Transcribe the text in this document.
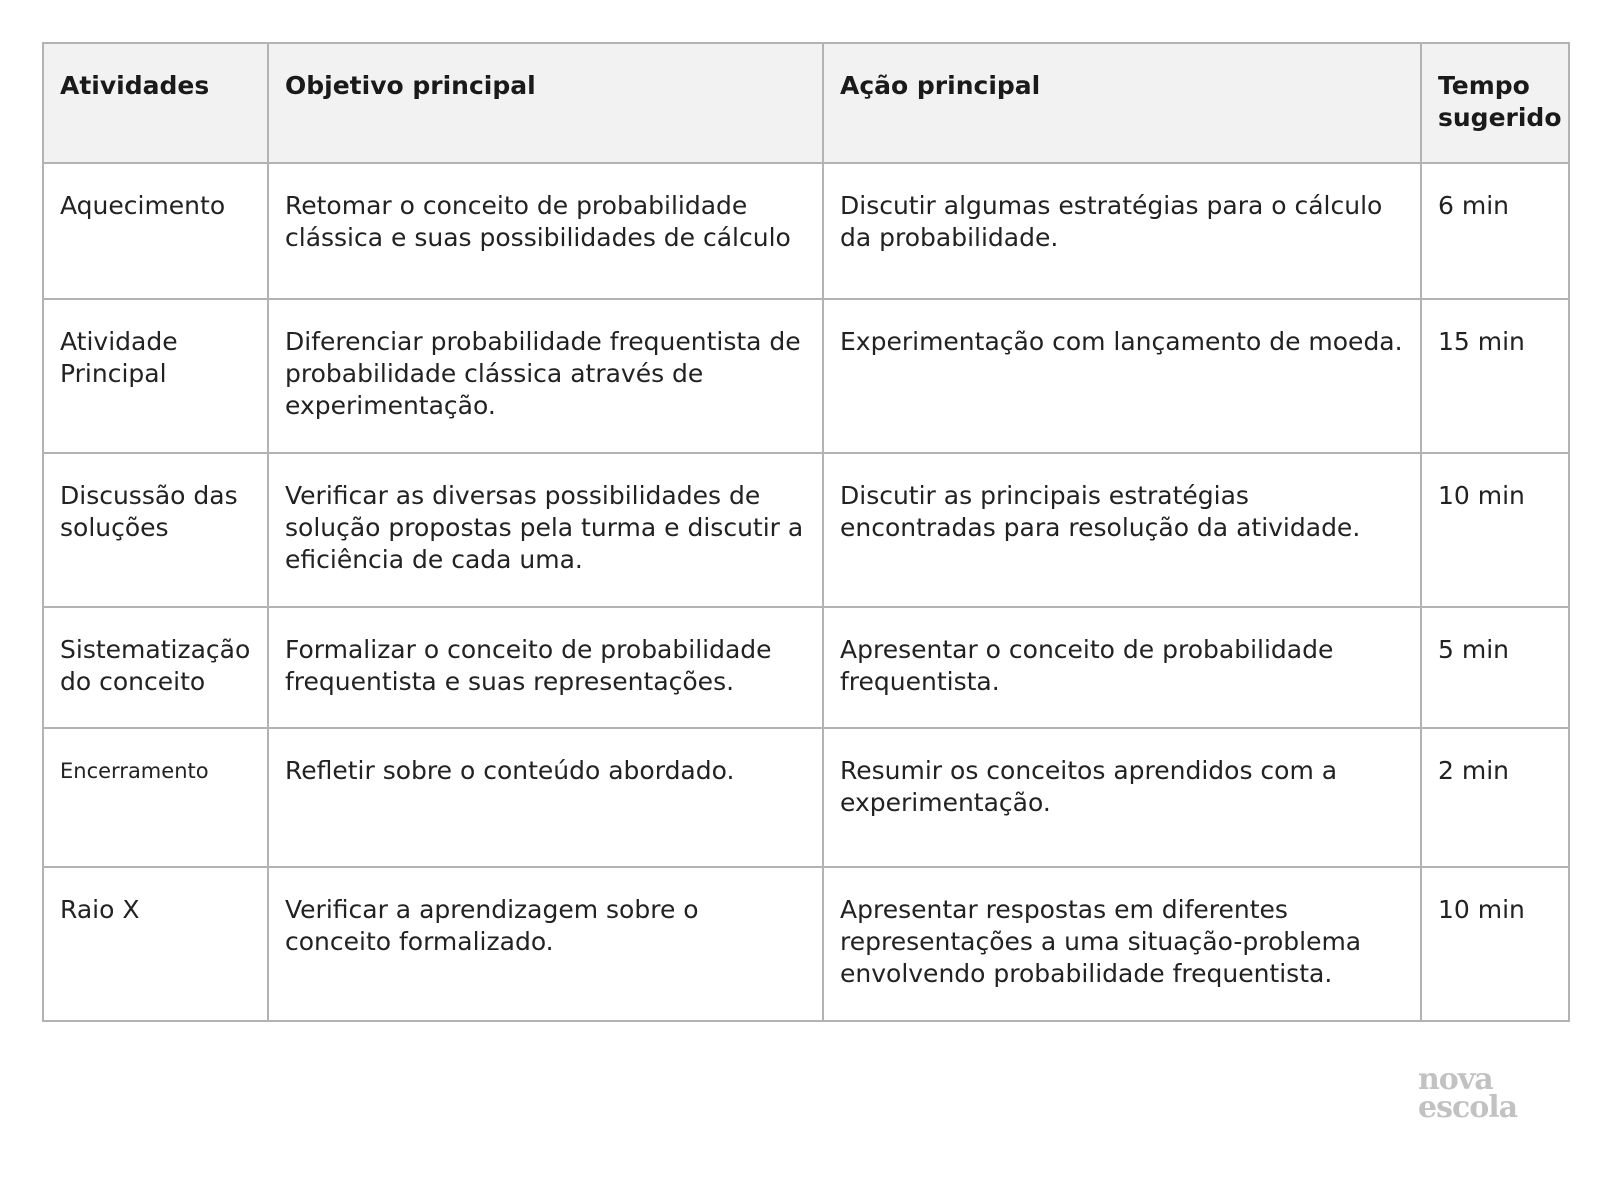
Atividades	Objetivo principal	Ação principal	Tempo sugerido
Aquecimento	Retomar o conceito de probabilidade clássica e suas possibilidades de cálculo	Discutir algumas estratégias para o cálculo da probabilidade.	6 min
Atividade Principal	Diferenciar probabilidade frequentista de probabilidade clássica através de experimentação.	Experimentação com lançamento de moeda.	15 min
Discussão das soluções	Verificar as diversas possibilidades de solução propostas pela turma e discutir a eficiência de cada uma.	Discutir as principais estratégias encontradas para resolução da atividade.	10 min
Sistematização do conceito	Formalizar o conceito de probabilidade frequentista e suas representações.	Apresentar o conceito de probabilidade frequentista.	5 min
Encerramento	Refletir sobre o conteúdo abordado.	Resumir os conceitos aprendidos com a experimentação.	2 min
Raio X	Verificar a aprendizagem sobre o conceito formalizado.	Apresentar respostas em diferentes representações a uma situação-problema envolvendo probabilidade frequentista.	10 min
nova
escola
